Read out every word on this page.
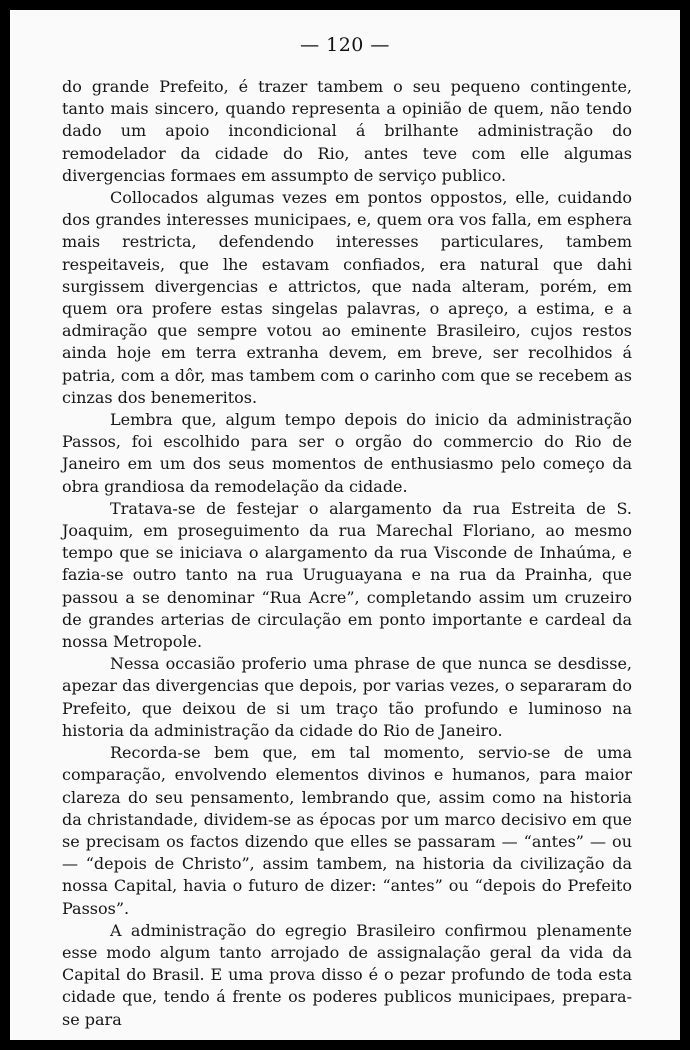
— 120 —

do grande Prefeito, é trazer tambem o seu pequeno contingente, tanto mais sincero, quando representa a opinião de quem, não tendo dado um apoio incondicional á brilhante administração do remodelador da cidade do Rio, antes teve com elle algumas divergencias formaes em assumpto de serviço publico.

Collocados algumas vezes em pontos oppostos, elle, cuidando dos grandes interesses municipaes, e, quem ora vos falla, em esphera mais restricta, defendendo interesses particulares, tambem respeitaveis, que lhe estavam confiados, era natural que dahi surgissem divergencias e attrictos, que nada alteram, porém, em quem ora profere estas singelas palavras, o apreço, a estima, e a admiração que sempre votou ao eminente Brasileiro, cujos restos ainda hoje em terra extranha devem, em breve, ser recolhidos á patria, com a dôr, mas tambem com o carinho com que se recebem as cinzas dos benemeritos.

Lembra que, algum tempo depois do inicio da administração Passos, foi escolhido para ser o orgão do commercio do Rio de Janeiro em um dos seus momentos de enthusiasmo pelo começo da obra grandiosa da remodelação da cidade.

Tratava-se de festejar o alargamento da rua Estreita de S. Joaquim, em proseguimento da rua Marechal Floriano, ao mesmo tempo que se iniciava o alargamento da rua Visconde de Inhaúma, e fazia-se outro tanto na rua Uruguayana e na rua da Prainha, que passou a se denominar “Rua Acre”, completando assim um cruzeiro de grandes arterias de circulação em ponto importante e cardeal da nossa Metropole.

Nessa occasião proferio uma phrase de que nunca se desdisse, apezar das divergencias que depois, por varias vezes, o separaram do Prefeito, que deixou de si um traço tão profundo e luminoso na historia da administração da cidade do Rio de Janeiro.

Recorda-se bem que, em tal momento, servio-se de uma comparação, envolvendo elementos divinos e humanos, para maior clareza do seu pensamento, lembrando que, assim como na historia da christandade, dividem-se as épocas por um marco decisivo em que se precisam os factos dizendo que elles se passaram — “antes” — ou — “depois de Christo”, assim tambem, na historia da civilização da nossa Capital, havia o futuro de dizer: “antes” ou “depois do Prefeito Passos”.

A administração do egregio Brasileiro confirmou plenamente esse modo algum tanto arrojado de assignalação geral da vida da Capital do Brasil. E uma prova disso é o pezar profundo de toda esta cidade que, tendo á frente os poderes publicos municipaes, prepara-se para
